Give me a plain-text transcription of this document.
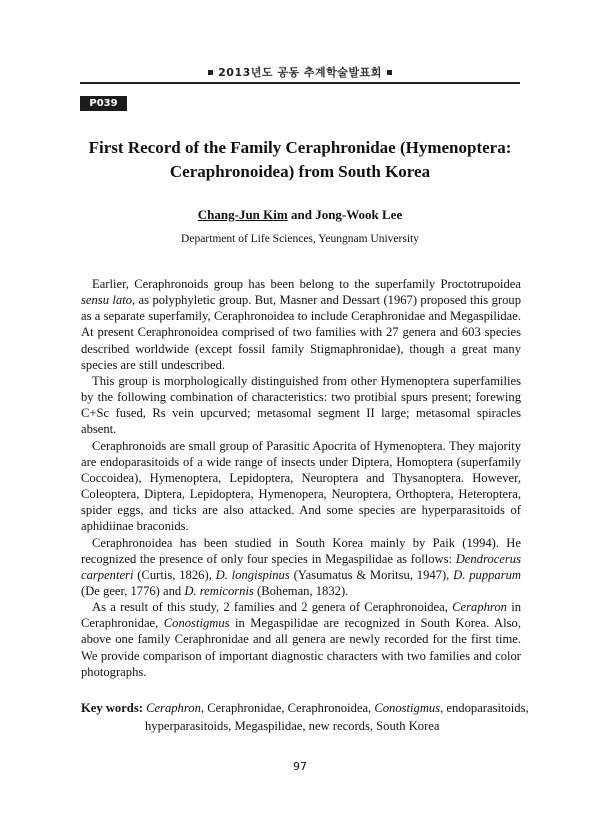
2013년도 공동 추계학술발표회
P039
First Record of the Family Ceraphronidae (Hymenoptera:
Ceraphronoidea) from South Korea
Chang-Jun Kim and Jong-Wook Lee
Department of Life Sciences, Yeungnam University

Earlier, Ceraphronoids group has been belong to the superfamily Proctotrupoidea sensu lato, as polyphyletic group. But, Masner and Dessart (1967) proposed this group as a separate superfamily, Ceraphronoidea to include Ceraphronidae and Megaspilidae. At present Ceraphronoidea comprised of two families with 27 genera and 603 species described worldwide (except fossil family Stigmaphronidae), though a great many species are still undescribed.

This group is morphologically distinguished from other Hymenoptera superfamilies by the following combination of characteristics: two protibial spurs present; forewing C+Sc fused, Rs vein upcurved; metasomal segment II large; metasomal spiracles absent.

Ceraphronoids are small group of Parasitic Apocrita of Hymenoptera. They majority are endoparasitoids of a wide range of insects under Diptera, Homoptera (superfamily Coccoidea), Hymenoptera, Lepidoptera, Neuroptera and Thysanoptera. However, Coleoptera, Diptera, Lepidoptera, Hymenopera, Neuroptera, Orthoptera, Heteroptera, spider eggs, and ticks are also attacked. And some species are hyperparasitoids of aphidiinae braconids.

Ceraphronoidea has been studied in South Korea mainly by Paik (1994). He recognized the presence of only four species in Megaspilidae as follows: Dendrocerus carpenteri (Curtis, 1826), D. longispinus (Yasumatus & Moritsu, 1947), D. pupparum (De geer, 1776) and D. remicornis (Boheman, 1832).

As a result of this study, 2 families and 2 genera of Ceraphronoidea, Ceraphron in Ceraphronidae, Conostigmus in Megaspilidae are recognized in South Korea. Also, above one family Ceraphronidae and all genera are newly recorded for the first time. We provide comparison of important diagnostic characters with two families and color photographs.

Key words: Ceraphron, Ceraphronidae, Ceraphronoidea, Conostigmus, endoparasitoids, hyperparasitoids, Megaspilidae, new records, South Korea
97
